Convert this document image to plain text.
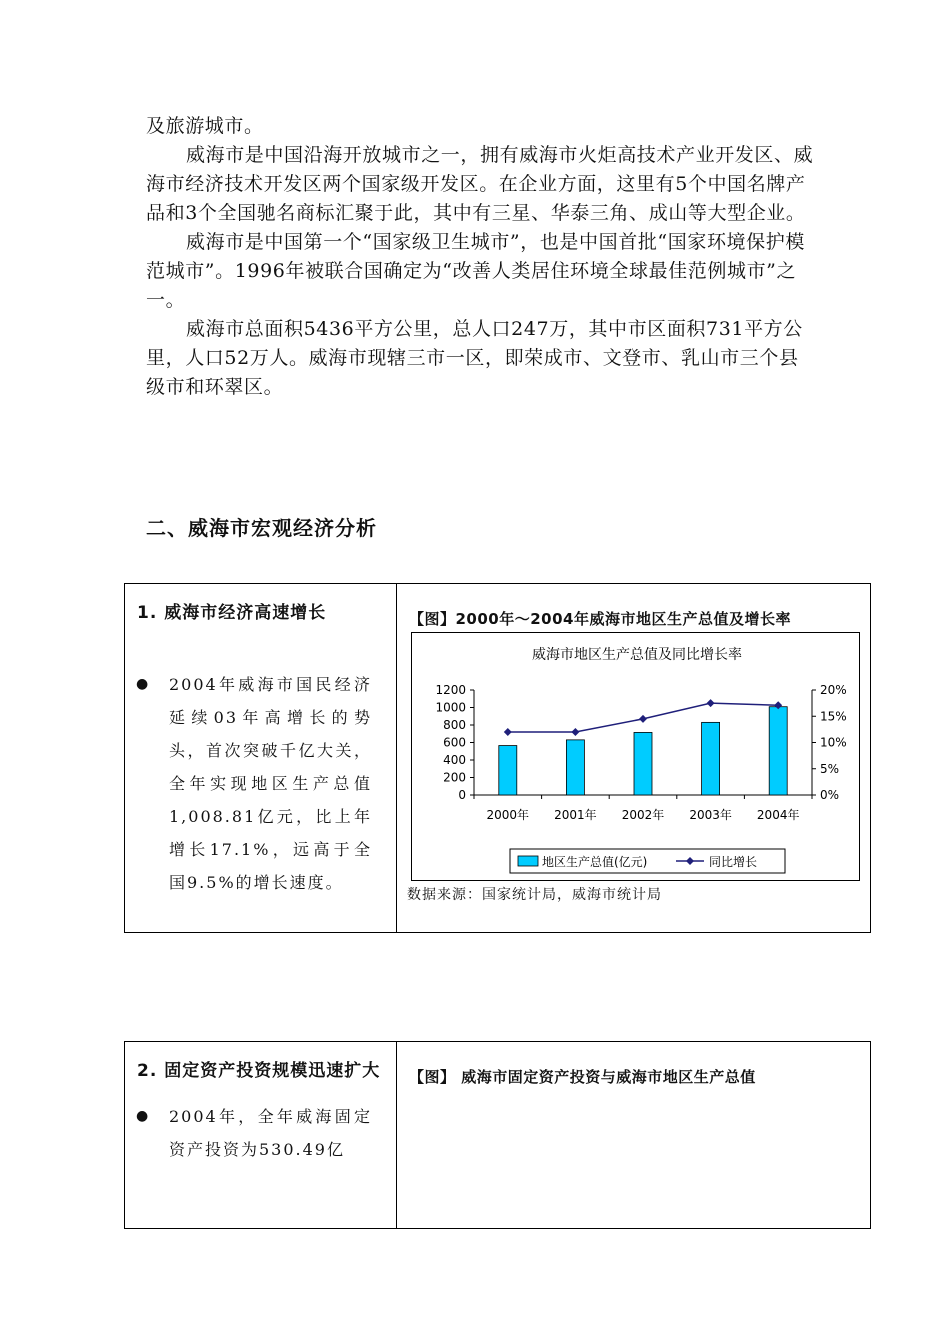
及旅游城市。

威海市是中国沿海开放城市之一，拥有威海市火炬高技术产业开发区、威海市经济技术开发区两个国家级开发区。在企业方面，这里有5个中国名牌产品和3个全国驰名商标汇聚于此，其中有三星、华泰三角、成山等大型企业。

威海市是中国第一个“国家级卫生城市”，也是中国首批“国家环境保护模范城市”。1996年被联合国确定为“改善人类居住环境全球最佳范例城市”之一。

威海市总面积5436平方公里，总人口247万，其中市区面积731平方公里，人口52万人。威海市现辖三市一区，即荣成市、文登市、乳山市三个县级市和环翠区。

二、威海市宏观经济分析
1. 威海市经济高速增长
● 2004年威海市国民经济延续03年高增长的势头，首次突破千亿大关，全年实现地区生产总值1,008.81亿元，比上年增长17.1%，远高于全国9.5%的增长速度。

【图】2000年～2004年威海市地区生产总值及增长率
威海市地区生产总值及同比增长率
0
200
400
600
800
1000
1200
0%
5%
10%
15%
20%
2000年 2001年 2002年 2003年 2004年
地区生产总值(亿元)	同比增长
数据来源：国家统计局，威海市统计局
2. 固定资产投资规模迅速扩大
● 2004年，全年威海固定资产投资为530.49亿

【图】 威海市固定资产投资与威海市地区生产总值
